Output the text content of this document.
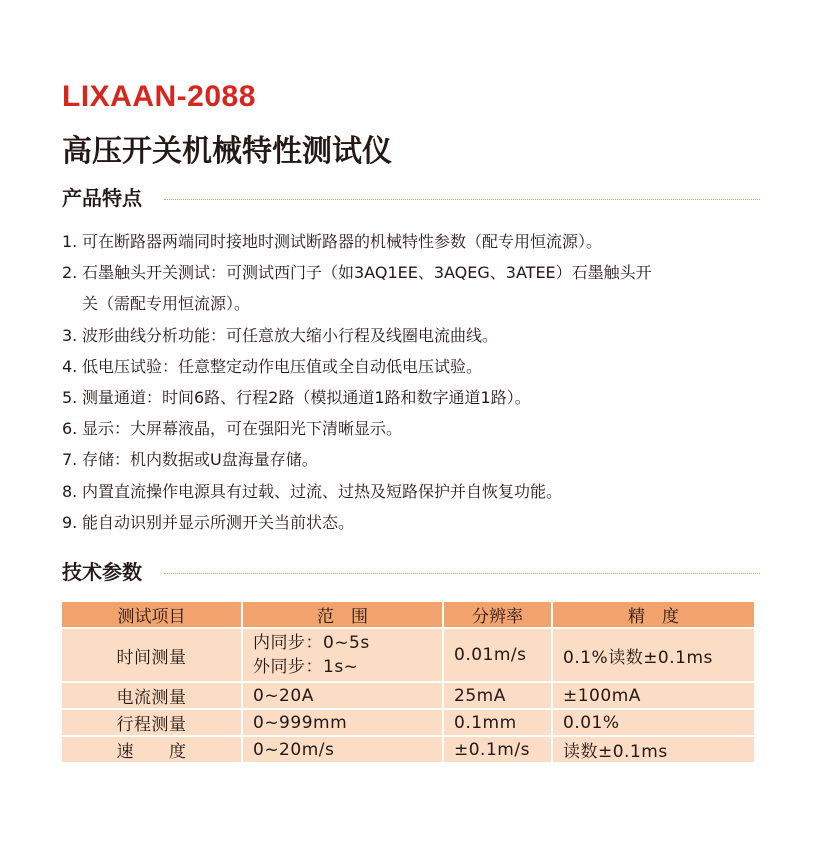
LIXAAN-2088
高压开关机械特性测试仪
产品特点
1. 可在断路器两端同时接地时测试断路器的机械特性参数（配专用恒流源）。
2. 石墨触头开关测试：可测试西门子（如3AQ1EE、3AQEG、3ATEE）石墨触头开
关（需配专用恒流源）。
3. 波形曲线分析功能：可任意放大缩小行程及线圈电流曲线。
4. 低电压试验：任意整定动作电压值或全自动低电压试验。
5. 测量通道：时间6路、行程2路（模拟通道1路和数字通道1路）。
6. 显示：大屏幕液晶，可在强阳光下清晰显示。
7. 存储：机内数据或U盘海量存储。
8. 内置直流操作电源具有过载、过流、过热及短路保护并自恢复功能。
9. 能自动识别并显示所测开关当前状态。
技术参数
测试项目	范　围	分辨率	精　度
时间测量	内同步：0~5s
外同步：1s~	0.01m/s	0.1%读数±0.1ms
电流测量	0~20A	25mA	±100mA
行程测量	0~999mm	0.1mm	0.01%
速　　度	0~20m/s	±0.1m/s	读数±0.1ms
